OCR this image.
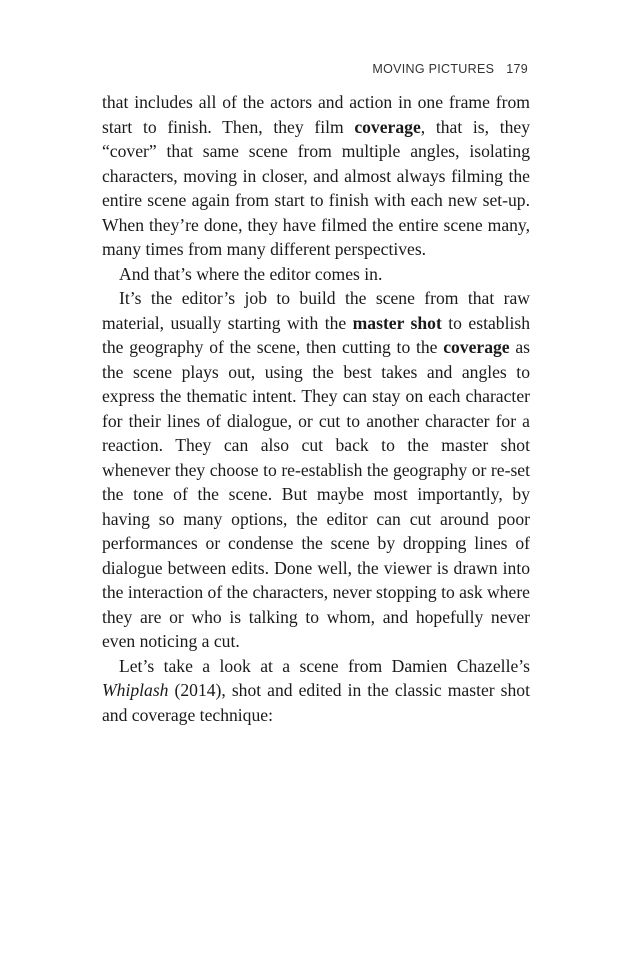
MOVING PICTURES 179

that includes all of the actors and action in one frame from start to finish. Then, they film coverage, that is, they “cover” that same scene from multiple angles, isolating characters, moving in closer, and almost always filming the entire scene again from start to finish with each new set-up. When they’re done, they have filmed the entire scene many, many times from many different perspectives.

And that’s where the editor comes in.

It’s the editor’s job to build the scene from that raw material, usually starting with the master shot to establish the geography of the scene, then cutting to the coverage as the scene plays out, using the best takes and angles to express the thematic intent. They can stay on each character for their lines of dialogue, or cut to another character for a reaction. They can also cut back to the master shot whenever they choose to re-establish the geography or re-set the tone of the scene. But maybe most importantly, by having so many options, the editor can cut around poor performances or condense the scene by dropping lines of dialogue between edits. Done well, the viewer is drawn into the interaction of the characters, never stopping to ask where they are or who is talking to whom, and hopefully never even noticing a cut.

Let’s take a look at a scene from Damien Chazelle’s Whiplash (2014), shot and edited in the classic master shot and coverage technique:
